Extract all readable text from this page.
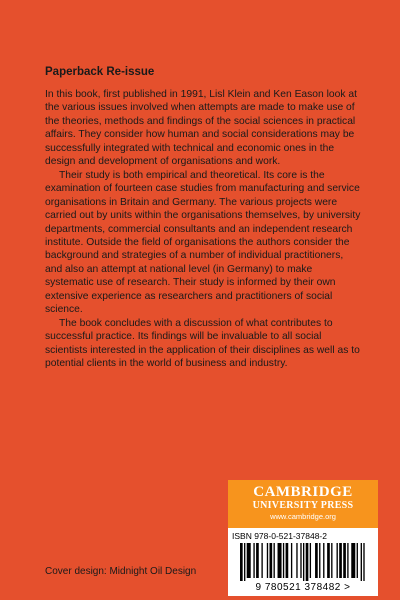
Paperback Re-issue

In this book, first published in 1991, Lisl Klein and Ken Eason look at the various issues involved when attempts are made to make use of the theories, methods and findings of the social sciences in practical affairs. They consider how human and social considerations may be successfully integrated with technical and economic ones in the design and development of organisations and work.

Their study is both empirical and theoretical. Its core is the examination of fourteen case studies from manufacturing and service organisations in Britain and Germany. The various projects were carried out by units within the organisations themselves, by university departments, commercial consultants and an independent research institute. Outside the field of organisations the authors consider the background and strategies of a number of individual practitioners, and also an attempt at national level (in Germany) to make systematic use of research. Their study is informed by their own extensive experience as researchers and practitioners of social science.

The book concludes with a discussion of what contributes to successful practice. Its findings will be invaluable to all social scientists interested in the application of their disciplines as well as to potential clients in the world of business and industry.

CAMBRIDGE
UNIVERSITY PRESS
www.cambridge.org
ISBN 978-0-521-37848-2
9 780521 378482 >
Cover design: Midnight Oil Design
